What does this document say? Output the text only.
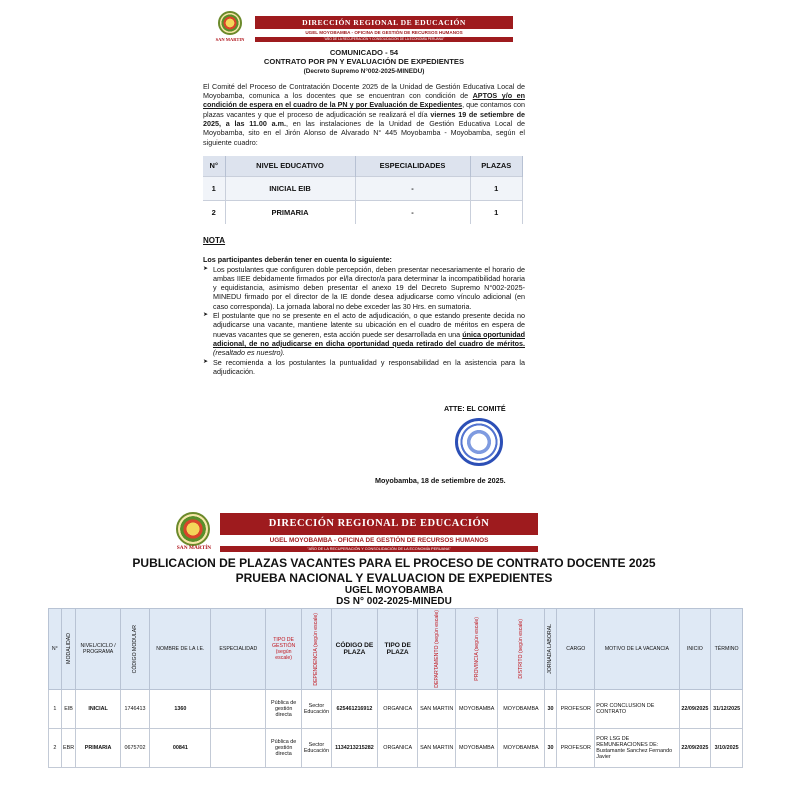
SAN MARTIN
DIRECCIÓN REGIONAL DE EDUCACIÓN
UGEL MOYOBAMBA - OFICINA DE GESTIÓN DE RECURSOS HUMANOS
"AÑO DE LA RECUPERACIÓN Y CONSOLIDACIÓN DE LA ECONOMÍA PERUANA"
COMUNICADO - 54
CONTRATO POR PN Y EVALUACIÓN DE EXPEDIENTES
(Decreto Supremo N°002-2025-MINEDU)

El Comité del Proceso de Contratación Docente 2025 de la Unidad de Gestión Educativa Local de Moyobamba, comunica a los docentes que se encuentran con condición de APTOS y/o en condición de espera en el cuadro de la PN y por Evaluación de Expedientes, que contamos con plazas vacantes y que el proceso de adjudicación se realizará el día viernes 19 de setiembre de 2025, a las 11.00 a.m., en las instalaciones de la Unidad de Gestión Educativa Local de Moyobamba, sito en el Jirón Alonso de Alvarado N° 445 Moyobamba - Moyobamba, según el siguiente cuadro:

N°	NIVEL EDUCATIVO	ESPECIALIDADES	PLAZAS
1	INICIAL EIB	-	1
2	PRIMARIA	-	1
NOTA
Los participantes deberán tener en cuenta lo siguiente:
➤ Los postulantes que configuren doble percepción, deben presentar necesariamente el horario de ambas IIEE debidamente firmados por el/la director/a para determinar la incompatibilidad horaria y equidistancia, asimismo deben presentar el anexo 19 del Decreto Supremo N°002-2025-MINEDU firmado por el director de la IE donde desea adjudicarse como vínculo adicional (en caso corresponda). La jornada laboral no debe exceder las 30 Hrs. en sumatoria.
➤ El postulante que no se presente en el acto de adjudicación, o que estando presente decida no adjudicarse una vacante, mantiene latente su ubicación en el cuadro de méritos en espera de nuevas vacantes que se generen, esta acción puede ser desarrollada en una única oportunidad adicional, de no adjudicarse en dicha oportunidad queda retirado del cuadro de méritos. (resaltado es nuestro).
➤ Se recomienda a los postulantes la puntualidad y responsabilidad en la asistencia para la adjudicación.
ATTE: EL COMITÉ
Moyobamba, 18 de setiembre de 2025.
SAN MARTÍN
DIRECCIÓN REGIONAL DE EDUCACIÓN
UGEL MOYOBAMBA - OFICINA DE GESTIÓN DE RECURSOS HUMANOS
"AÑO DE LA RECUPERACIÓN Y CONSOLIDACIÓN DE LA ECONOMÍA PERUANA"
PUBLICACION DE PLAZAS VACANTES PARA EL PROCESO DE CONTRATO DOCENTE 2025
PRUEBA NACIONAL Y EVALUACION DE EXPEDIENTES
UGEL MOYOBAMBA
DS N° 002-2025-MINEDU
N°	MODALIDAD	NIVEL/CICLO / PROGRAMA	CÓDIGO MODULAR	NOMBRE DE LA I.E.	ESPECIALIDAD	TIPO DE GESTIÓN (según escale)	DEPENDENCIA (según escale)	CÓDIGO DE PLAZA	TIPO DE PLAZA	DEPARTAMENTO (según escale)	PROVINCIA (según escale)	DISTRITO (según escale)	JORNADA LABORAL	CARGO	MOTIVO DE LA VACANCIA	INICIO	TÉRMINO

1	EIB	INICIAL	1746413	1360		Pública de gestión directa	Sector Educación	625461216912	ORGANICA	SAN MARTIN	MOYOBAMBA	MOYOBAMBA	30	PROFESOR	POR CONCLUSION DE CONTRATO	22/09/2025	31/12/2025
2	EBR	PRIMARIA	0675702	00841		Pública de gestión directa	Sector Educación	1134213215282	ORGANICA	SAN MARTIN	MOYOBAMBA	MOYOBAMBA	30	PROFESOR	POR LSG DE REMUNERACIONES DE: Bustamante Sanchez Fernando Javier	22/09/2025	3/10/2025
